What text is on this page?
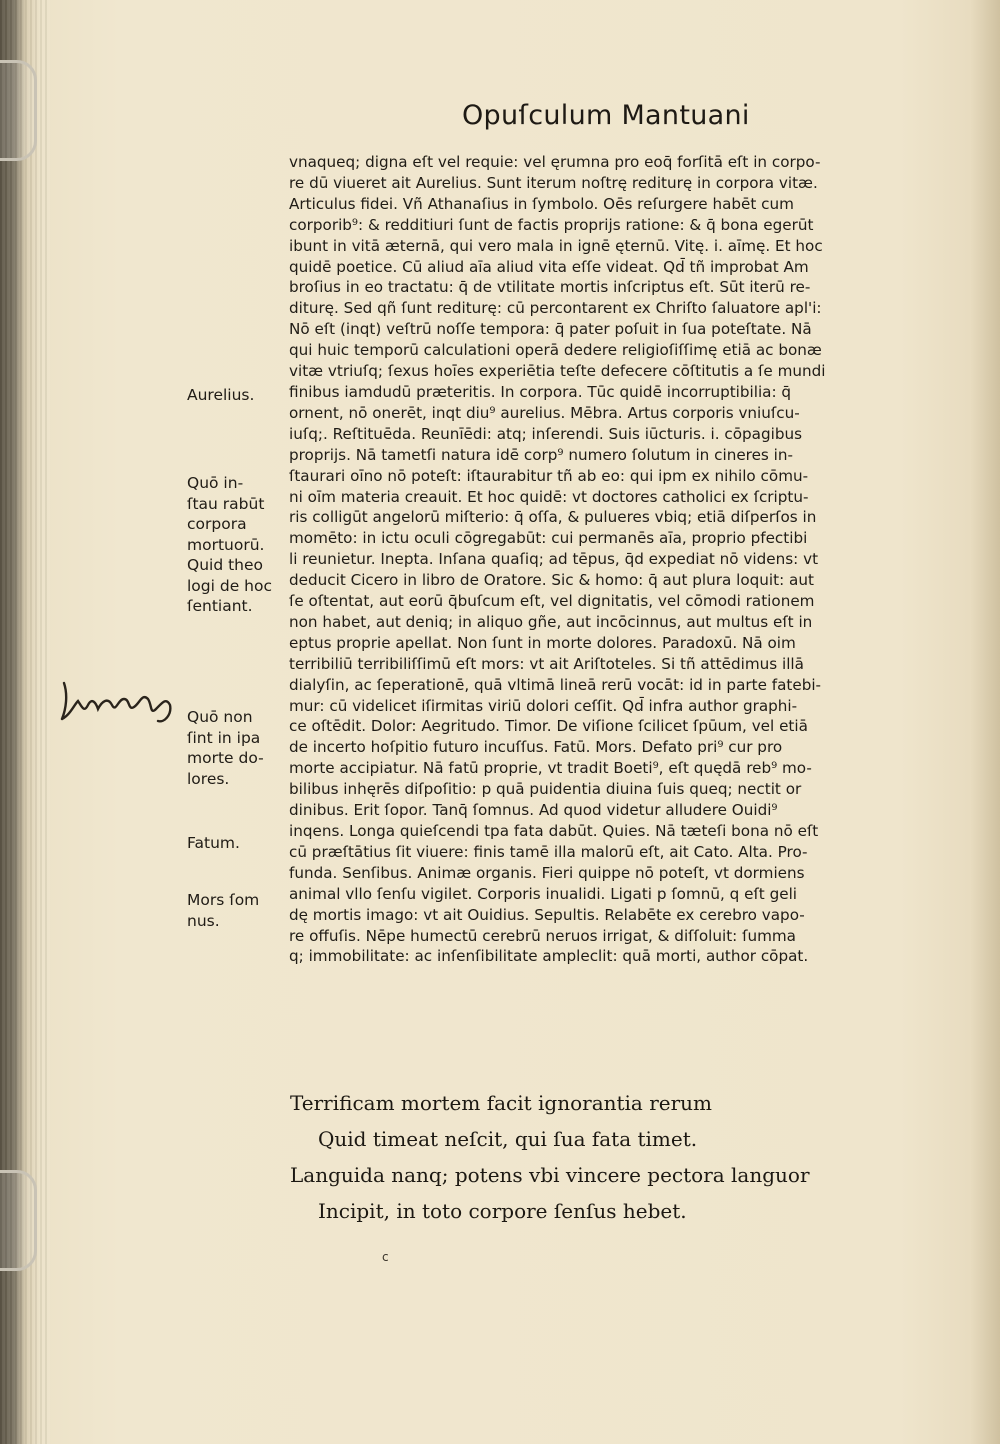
Opuſculum Mantuani
vnaqueq; digna eſt vel requie: vel ęrumna pro eoq̄ forſitā eſt in corpo-
re dū viueret ait Aurelius. Sunt iterum noſtrę rediturę in corpora vitæ.
Articulus fidei. Vñ Athanaſius in ſymbolo. Oēs reſurgere habēt cum
corporib⁹: & redditiuri ſunt de factis proprijs ratione: & q̄ bona egerūt
ibunt in vitā æternā, qui vero mala in ignē ęternū. Vitę. i. aīmę. Et hoc
quidē poetice. Cū aliud aīa aliud vita eſſe videat. Qd̄ tñ improbat Am
broſius in eo tractatu: q̄ de vtilitate mortis inſcriptus eſt. Sūt iterū re-
diturę. Sed qñ ſunt rediturę: cū percontarent ex Chriſto ſaluatore apl'i:
Nō eſt (inqt) veſtrū noſſe tempora: q̄ pater poſuit in ſua poteſtate. Nā
qui huic temporū calculationi operā dedere religioſiſſimę etiā ac bonæ
vitæ vtriuſq; ſexus hoīes experiētia teſte defecere cōſtitutis a ſe mundi
finibus iamdudū præteritis. In corpora. Tūc quidē incorruptibilia: q̄
ornent, nō onerēt, inqt diu⁹ aurelius. Mēbra. Artus corporis vniuſcu-
iuſq;. Reſtituēda. Reunīēdi: atq; inſerendi. Suis iūcturis. i. cōpagibus
proprijs. Nā tametſi natura idē corp⁹ numero ſolutum in cineres in-
ſtaurari oīno nō poteſt: iſtaurabitur tñ ab eo: qui ipm ex nihilo cōmu-
ni oīm materia creauit. Et hoc quidē: vt doctores catholici ex ſcriptu-
ris colligūt angelorū miſterio: q̄ oſſa, & pulueres vbiq; etiā diſperſos in
momēto: in ictu oculi cōgregabūt: cui permanēs aīa, proprio pfectibi
li reunietur. Inepta. Inſana quaſiq; ad tēpus, q̄d expediat nō videns: vt
deducit Cicero in libro de Oratore. Sic & homo: q̄ aut plura loquit: aut
ſe oſtentat, aut eorū q̄buſcum eſt, vel dignitatis, vel cōmodi rationem
non habet, aut deniq; in aliquo gñe, aut incōcinnus, aut multus eſt in
eptus proprie apellat. Non ſunt in morte dolores. Paradoxū. Nā oim
terribiliū terribiliſſimū eſt mors: vt ait Ariſtoteles. Si tñ attēdimus illā
dialyſin, ac ſeperationē, quā vltimā lineā rerū vocāt: id in parte fatebi-
mur: cū videlicet iſirmitas viriū dolori ceſſit. Qd̄ infra author graphi-
ce oſtēdit. Dolor: Aegritudo. Timor. De viſione ſcilicet ſpūum, vel etiā
de incerto hoſpitio futuro incuſſus. Fatū. Mors. Defato pri⁹ cur pro
morte accipiatur. Nā fatū proprie, vt tradit Boeti⁹, eſt quędā reb⁹ mo-
bilibus inhęrēs diſpoſitio: p quā puidentia diuina ſuis queq; nectit or
dinibus. Erit ſopor. Tanq̄ ſomnus. Ad quod videtur alludere Ouidi⁹
inqens. Longa quieſcendi tpa fata dabūt. Quies. Nā tæteſi bona nō eſt
cū præſtātius ſit viuere: finis tamē illa malorū eſt, ait Cato. Alta. Pro-
funda. Senſibus. Animæ organis. Fieri quippe nō poteſt, vt dormiens
animal vllo ſenſu vigilet. Corporis inualidi. Ligati p ſomnū, q eſt geli
dę mortis imago: vt ait Ouidius. Sepultis. Relabēte ex cerebro vapo-
re offuſis. Nēpe humectū cerebrū neruos irrigat, & diſſoluit: ſumma
q; immobilitate: ac inſenſibilitate ampleclit: quā morti, author cōpat.
Aurelius.
Quō in-
ſtau rabūt
corpora
mortuorū.
Quid theo
logi de hoc
ſentiant.
Quō non
ſint in ipa
morte do-
lores.
Fatum.
Mors ſom
nus.
Terrificam mortem facit ignorantia rerum
Quid timeat neſcit, qui ſua fata timet.
Languida nanq; potens vbi vincere pectora languor
Incipit, in toto corpore ſenſus hebet.
c
